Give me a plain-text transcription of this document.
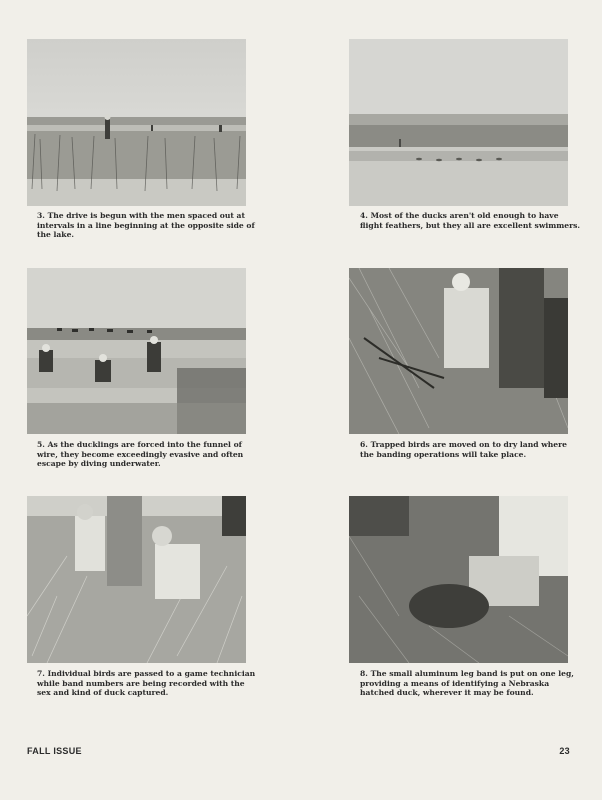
3. The drive is begun with the men spaced out at intervals in a line beginning at the opposite side of the lake.

4. Most of the ducks aren't old enough to have flight feathers, but they all are excellent swimmers.

5. As the ducklings are forced into the funnel of wire, they become exceedingly evasive and often escape by diving underwater.

6. Trapped birds are moved on to dry land where the banding operations will take place.

7. Individual birds are passed to a game technician while band numbers are being recorded with the sex and kind of duck captured.

8. The small aluminum leg band is put on one leg, providing a means of identifying a Nebraska hatched duck, wherever it may be found.

FALL ISSUE	23
